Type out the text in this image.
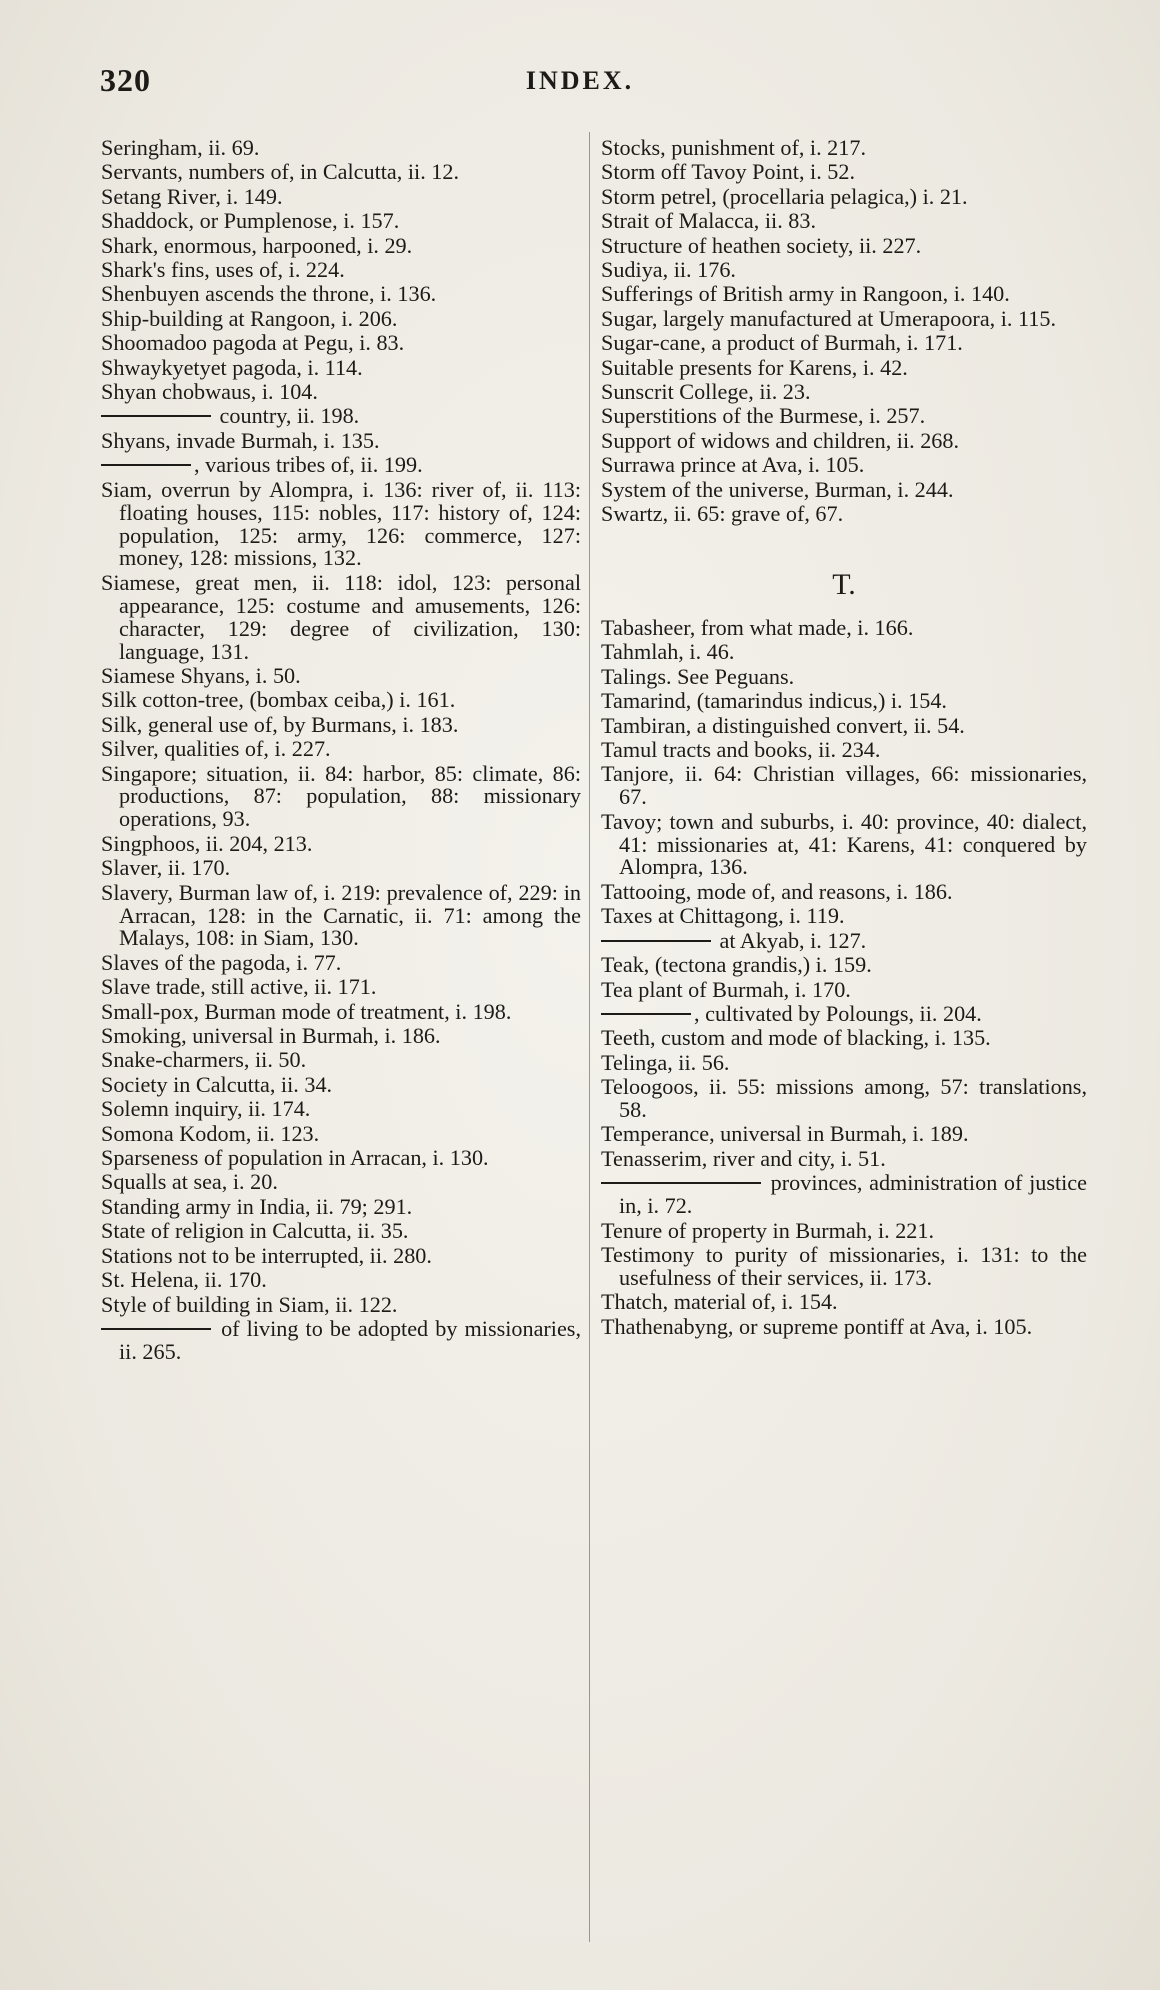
320	INDEX.

Seringham, ii. 69.

Servants, numbers of, in Calcutta, ii. 12.

Setang River, i. 149.

Shaddock, or Pumplenose, i. 157.

Shark, enormous, harpooned, i. 29.

Shark's fins, uses of, i. 224.

Shenbuyen ascends the throne, i. 136.

Ship-building at Rangoon, i. 206.

Shoomadoo pagoda at Pegu, i. 83.

Shwaykyetyet pagoda, i. 114.

Shyan chobwaus, i. 104.

country, ii. 198.

Shyans, invade Burmah, i. 135.

, various tribes of, ii. 199.

Siam, overrun by Alompra, i. 136: river of, ii. 113: floating houses, 115: nobles, 117: history of, 124: population, 125: army, 126: commerce, 127: money, 128: missions, 132.

Siamese, great men, ii. 118: idol, 123: personal appearance, 125: costume and amusements, 126: character, 129: degree of civilization, 130: language, 131.

Siamese Shyans, i. 50.

Silk cotton-tree, (bombax ceiba,) i. 161.

Silk, general use of, by Burmans, i. 183.

Silver, qualities of, i. 227.

Singapore; situation, ii. 84: harbor, 85: climate, 86: productions, 87: population, 88: missionary operations, 93.

Singphoos, ii. 204, 213.

Slaver, ii. 170.

Slavery, Burman law of, i. 219: prevalence of, 229: in Arracan, 128: in the Carnatic, ii. 71: among the Malays, 108: in Siam, 130.

Slaves of the pagoda, i. 77.

Slave trade, still active, ii. 171.

Small-pox, Burman mode of treatment, i. 198.

Smoking, universal in Burmah, i. 186.

Snake-charmers, ii. 50.

Society in Calcutta, ii. 34.

Solemn inquiry, ii. 174.

Somona Kodom, ii. 123.

Sparseness of population in Arracan, i. 130.

Squalls at sea, i. 20.

Standing army in India, ii. 79; 291.

State of religion in Calcutta, ii. 35.

Stations not to be interrupted, ii. 280.

St. Helena, ii. 170.

Style of building in Siam, ii. 122.

of living to be adopted by missionaries, ii. 265.

Stocks, punishment of, i. 217.

Storm off Tavoy Point, i. 52.

Storm petrel, (procellaria pelagica,) i. 21.

Strait of Malacca, ii. 83.

Structure of heathen society, ii. 227.

Sudiya, ii. 176.

Sufferings of British army in Rangoon, i. 140.

Sugar, largely manufactured at Umerapoora, i. 115.

Sugar-cane, a product of Burmah, i. 171.

Suitable presents for Karens, i. 42.

Sunscrit College, ii. 23.

Superstitions of the Burmese, i. 257.

Support of widows and children, ii. 268.

Surrawa prince at Ava, i. 105.

System of the universe, Burman, i. 244.

Swartz, ii. 65: grave of, 67.

T.

Tabasheer, from what made, i. 166.

Tahmlah, i. 46.

Talings. See Peguans.

Tamarind, (tamarindus indicus,) i. 154.

Tambiran, a distinguished convert, ii. 54.

Tamul tracts and books, ii. 234.

Tanjore, ii. 64: Christian villages, 66: missionaries, 67.

Tavoy; town and suburbs, i. 40: province, 40: dialect, 41: missionaries at, 41: Karens, 41: conquered by Alompra, 136.

Tattooing, mode of, and reasons, i. 186.

Taxes at Chittagong, i. 119.

at Akyab, i. 127.

Teak, (tectona grandis,) i. 159.

Tea plant of Burmah, i. 170.

, cultivated by Poloungs, ii. 204.

Teeth, custom and mode of blacking, i. 135.

Telinga, ii. 56.

Teloogoos, ii. 55: missions among, 57: translations, 58.

Temperance, universal in Burmah, i. 189.

Tenasserim, river and city, i. 51.

provinces, administration of justice in, i. 72.

Tenure of property in Burmah, i. 221.

Testimony to purity of missionaries, i. 131: to the usefulness of their services, ii. 173.

Thatch, material of, i. 154.

Thathenabyng, or supreme pontiff at Ava, i. 105.
